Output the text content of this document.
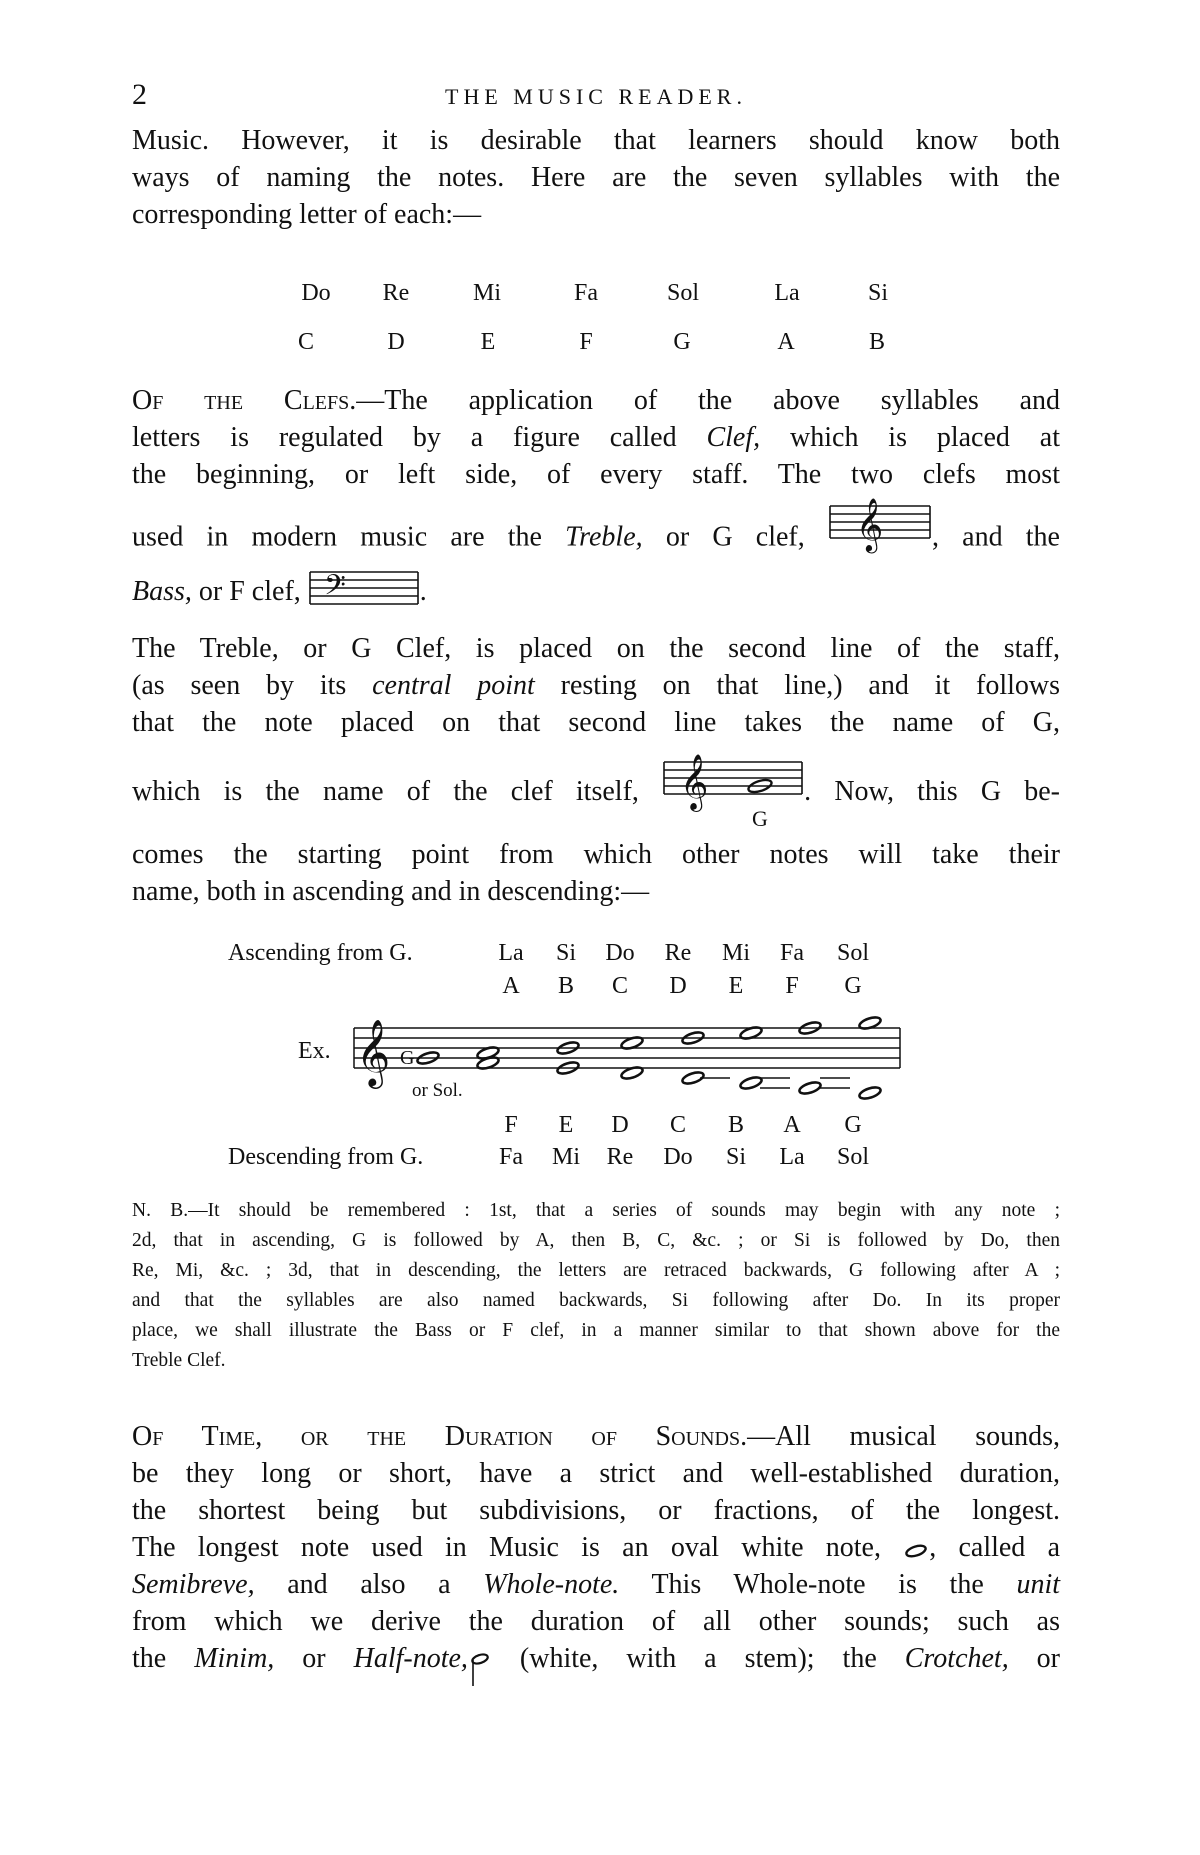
2	THE MUSIC READER.
Music. However, it is desirable that learners should know both
ways of naming the notes. Here are the seven syllables with the
corresponding letter of each:—
Do	Re	Mi	Fa	Sol	La	Si
C	D	E	F	G	A	B
Of the Clefs.—The application of the above syllables and
letters is regulated by a figure called Clef, which is placed at
the beginning, or left side, of every staff. The two clefs most
used in modern music are the Treble, or G clef, 𝄞 , and the
Bass, or F clef, 𝄢	.
The Treble, or G Clef, is placed on the second line of the staff,
(as seen by its central point resting on that line,) and it follows
that the note placed on that second line takes the name of G,
which is the name of the clef itself, 𝄞
G
. Now, this G be-
comes the starting point from which other notes will take their
name, both in ascending and in descending:—
Ascending from G.	La	Si	Do	Re	Mi	Fa	Sol
A	B	C	D	E	F	G
Ex. 𝄞 G
or Sol.
F	E	D	C	B	A	G
Descending from G.	Fa	Mi	Re	Do	Si	La	Sol
N. B.—It should be remembered : 1st, that a series of sounds may begin with any note ;
2d, that in ascending, G is followed by A, then B, C, &c. ; or Si is followed by Do, then
Re, Mi, &c. ; 3d, that in descending, the letters are retraced backwards, G following after A ;
and that the syllables are also named backwards, Si following after Do. In its proper
place, we shall illustrate the Bass or F clef, in a manner similar to that shown above for the
Treble Clef.
Of Time, or the Duration of Sounds.—All musical sounds,
be they long or short, have a strict and well-established duration,
the shortest being but subdivisions, or fractions, of the longest.
The longest note used in Music is an oval white note, , called a
Semibreve, and also a Whole-note. This Whole-note is the unit
from which we derive the duration of all other sounds; such as
the Minim, or Half-note, (white, with a stem); the Crotchet, or
